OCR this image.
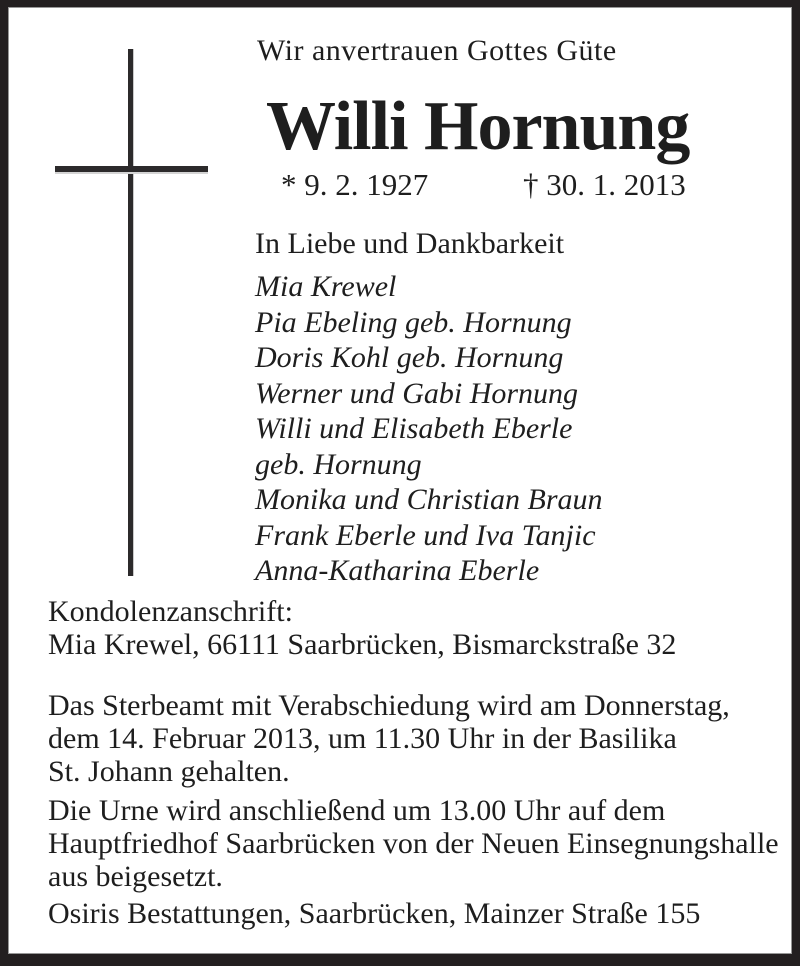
Wir anvertrauen Gottes Güte
Willi Hornung
* 9. 2. 1927	† 30. 1. 2013
In Liebe und Dankbarkeit
Mia Krewel
Pia Ebeling geb. Hornung
Doris Kohl geb. Hornung
Werner und Gabi Hornung
Willi und Elisabeth Eberle
geb. Hornung
Monika und Christian Braun
Frank Eberle und Iva Tanjic
Anna-Katharina Eberle
Kondolenzanschrift:
Mia Krewel, 66111 Saarbrücken, Bismarckstraße 32
Das Sterbeamt mit Verabschiedung wird am Donnerstag,
dem 14. Februar 2013, um 11.30 Uhr in der Basilika
St. Johann gehalten.
Die Urne wird anschließend um 13.00 Uhr auf dem
Hauptfriedhof Saarbrücken von der Neuen Einsegnungshalle
aus beigesetzt.
Osiris Bestattungen, Saarbrücken, Mainzer Straße 155
